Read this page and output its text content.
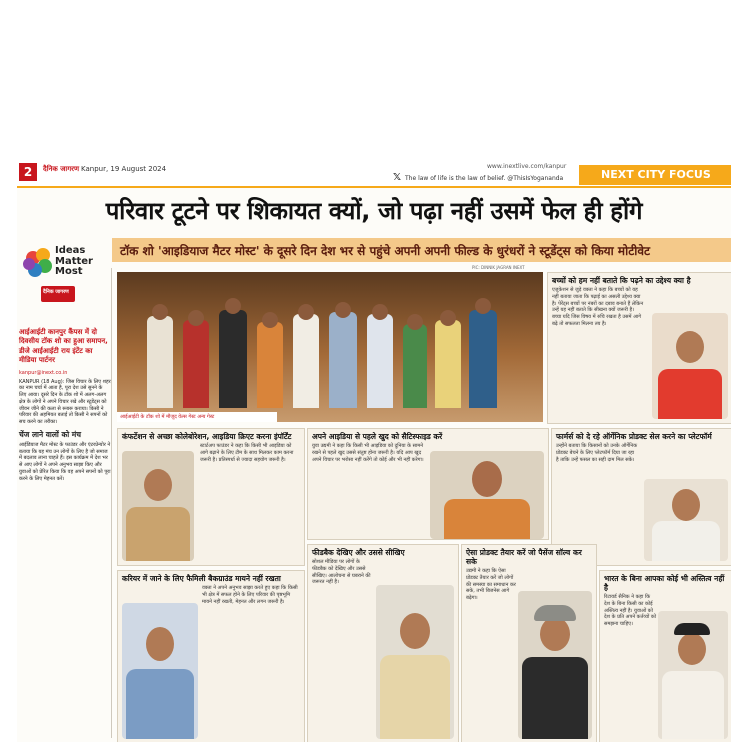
2	दैनिक जागरण Kanpur, 19 August 2024	www.inextlive.com/kanpur
𝕏 The law of life is the law of belief. @ThisIsYogananda	NEXT CITY FOCUS
परिवार टूटने पर शिकायत क्यों, जो पढ़ा नहीं उसमें फेल ही होंगे
टॉक शो 'आइडियाज मैटर मोस्ट' के दूसरे दिन देश भर से पहुंचे अपनी अपनी फील्ड के धुरंधरों ने स्टूडेंट्स को किया मोटीवेट
Ideas
Matter
Most
दैनिक जागरण
आईआईटी कानपुर कैंपस में दो दिवसीय टॉक शो का हुआ समापन, डीजे आईआईटी राय इंटेंट का मीडिया पार्टनर

kanpur@inext.co.in

KANPUR (18 Aug): जिस विचार के लिए शहर का नाम चर्चा में आता है, पूरा देश उसे सुनने के लिए आया। दूसरे दिन के टॉक शो में अलग-अलग क्षेत्र के लोगों ने अपने विचार रखे और स्टूडेंट्स को जीवन जीने की कला से रूबरू कराया। किसी ने परिवार की अहमियत बताई तो किसी ने सपनों को सच करने का तरीका।

चेंज लाने वालों को मंच

आईडियाज मैटर मोस्ट के फाउंडर और एंटरप्रेन्योर ने बताया कि यह मंच उन लोगों के लिए है जो समाज में बदलाव लाना चाहते हैं। इस कार्यक्रम में देश भर से आए लोगों ने अपने अनुभव साझा किए और युवाओं को प्रेरित किया कि वह अपने सपनों को पूरा करने के लिए मेहनत करें।

आईआईटी के टॉक शो में मौजूद वेल्स गेस्ट अन्य गेस्ट
PIC: DINNIK JAGRAN INEXT
बच्चों को हम नहीं बताते कि पढ़ने का उद्देश्य क्या है
एजुकेशन से जुड़े वक्ता ने कहा कि बच्चों को यह नहीं बताया जाता कि पढ़ाई का असली उद्देश्य क्या है। पेरेंट्स बच्चों पर नंबरों का दबाव बनाते हैं लेकिन उन्हें यह नहीं बताते कि सीखना क्यों जरूरी है। बच्चा यदि जिस विषय में रुचि रखता है उसमें आगे बढ़े तो सफलता मिलना तय है।
कंफर्टेशन से अच्छा कोलेबोरेशन, आइडिया क्रिएट करना इंपॉर्टेंट
स्टार्टअप फाउंडर ने कहा कि किसी भी आइडिया को आगे बढ़ाने के लिए टीम के साथ मिलकर काम करना जरूरी है। प्रतिस्पर्धा से ज्यादा सहयोग जरूरी है।
अपने आइडिया से पहले खुद को सैटिस्फाइड करें
युवा उद्यमी ने कहा कि किसी भी आइडिया को दुनिया के सामने रखने से पहले खुद उससे संतुष्ट होना जरूरी है। यदि आप खुद अपने विचार पर भरोसा नहीं करेंगे तो कोई और भी नहीं करेगा।
फार्मर्स को दे रहे ऑर्गेनिक प्रोडक्ट सेल करने का प्लेटफॉर्म
उन्होंने बताया कि किसानों को उनके ऑर्गेनिक प्रोडक्ट बेचने के लिए प्लेटफॉर्म दिया जा रहा है ताकि उन्हें फसल का सही दाम मिल सके।
करियर में जाने के लिए फैमिली बैकग्राउंड मायने नहीं रखता
वक्ता ने अपने अनुभव साझा करते हुए कहा कि किसी भी क्षेत्र में सफल होने के लिए परिवार की पृष्ठभूमि मायने नहीं रखती, मेहनत और लगन जरूरी है।
फीडबैक देखिए और उससे सीखिए
सोशल मीडिया पर लोगों के फीडबैक को देखिए और उससे सीखिए। आलोचना से घबराने की जरूरत नहीं है।
ऐसा प्रोडक्ट तैयार करें जो पैसेंज सॉल्व कर सके
उद्यमी ने कहा कि ऐसा प्रोडक्ट तैयार करें जो लोगों की समस्या का समाधान कर सके, तभी बिजनेस आगे बढ़ेगा।
भारत के बिना आपका कोई भी अस्तित्व नहीं है
रिटायर्ड सैनिक ने कहा कि देश के बिना किसी का कोई अस्तित्व नहीं है। युवाओं को देश के प्रति अपने कर्तव्यों को समझना चाहिए।
